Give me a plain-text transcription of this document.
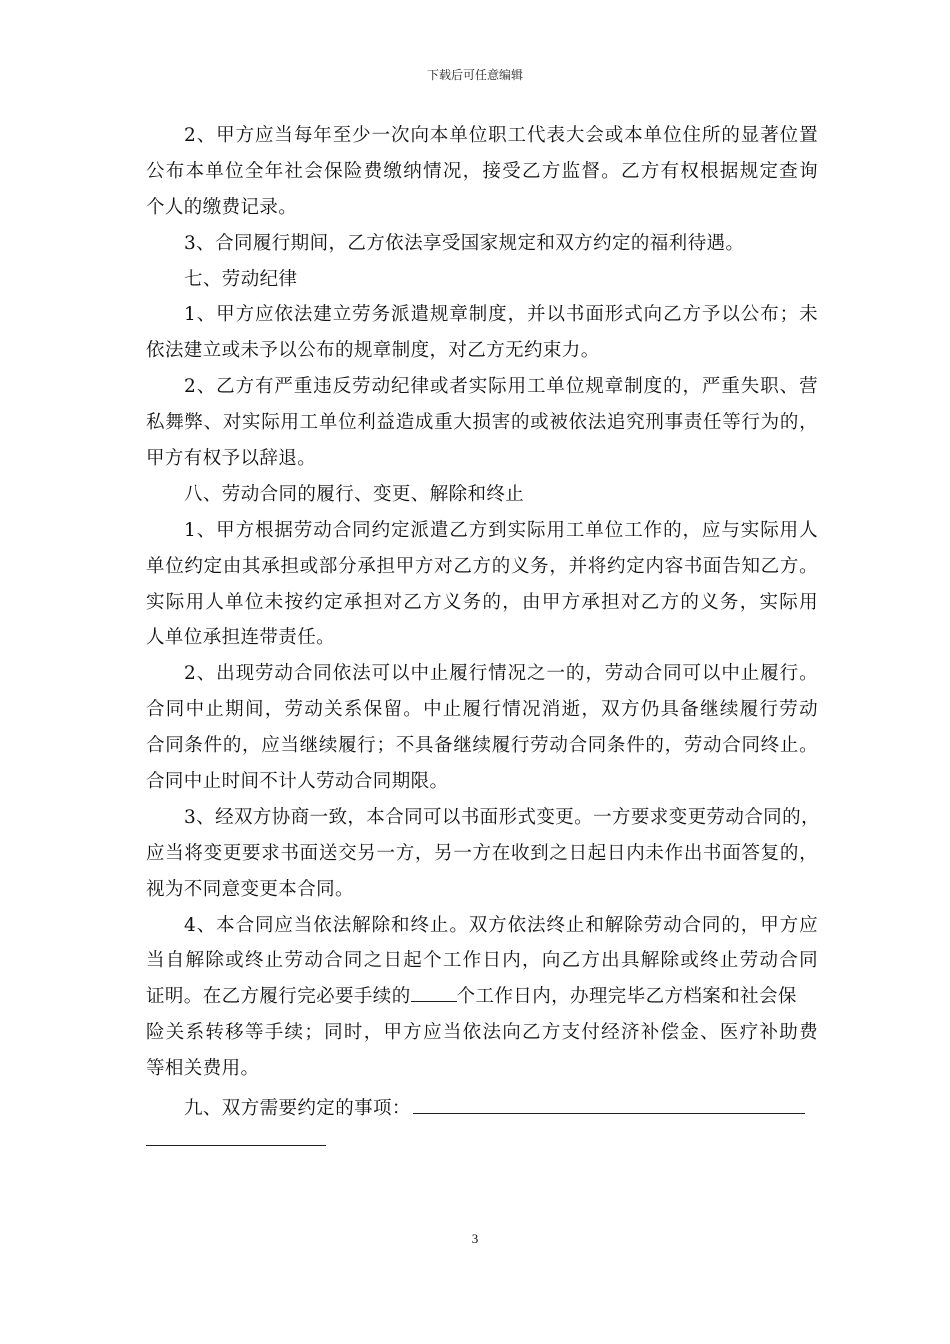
下载后可任意编辑
2、甲方应当每年至少一次向本单位职工代表大会或本单位住所的显著位置
公布本单位全年社会保险费缴纳情况，接受乙方监督。乙方有权根据规定查询
个人的缴费记录。
3、合同履行期间，乙方依法享受国家规定和双方约定的福利待遇。
七、劳动纪律
1、甲方应依法建立劳务派遣规章制度，并以书面形式向乙方予以公布；未
依法建立或未予以公布的规章制度，对乙方无约束力。
2、乙方有严重违反劳动纪律或者实际用工单位规章制度的，严重失职、营
私舞弊、对实际用工单位利益造成重大损害的或被依法追究刑事责任等行为的，
甲方有权予以辞退。
八、劳动合同的履行、变更、解除和终止
1、甲方根据劳动合同约定派遣乙方到实际用工单位工作的，应与实际用人
单位约定由其承担或部分承担甲方对乙方的义务，并将约定内容书面告知乙方。
实际用人单位未按约定承担对乙方义务的，由甲方承担对乙方的义务，实际用
人单位承担连带责任。
2、出现劳动合同依法可以中止履行情况之一的，劳动合同可以中止履行。
合同中止期间，劳动关系保留。中止履行情况消逝，双方仍具备继续履行劳动
合同条件的，应当继续履行；不具备继续履行劳动合同条件的，劳动合同终止。
合同中止时间不计人劳动合同期限。
3、经双方协商一致，本合同可以书面形式变更。一方要求变更劳动合同的，
应当将变更要求书面送交另一方，另一方在收到之日起日内未作出书面答复的，
视为不同意变更本合同。
4、本合同应当依法解除和终止。双方依法终止和解除劳动合同的，甲方应
当自解除或终止劳动合同之日起个工作日内，向乙方出具解除或终止劳动合同
证明。在乙方履行完必要手续的 个工作日内，办理完毕乙方档案和社会保
险关系转移等手续；同时，甲方应当依法向乙方支付经济补偿金、医疗补助费
等相关费用。
九、双方需要约定的事项：
3
